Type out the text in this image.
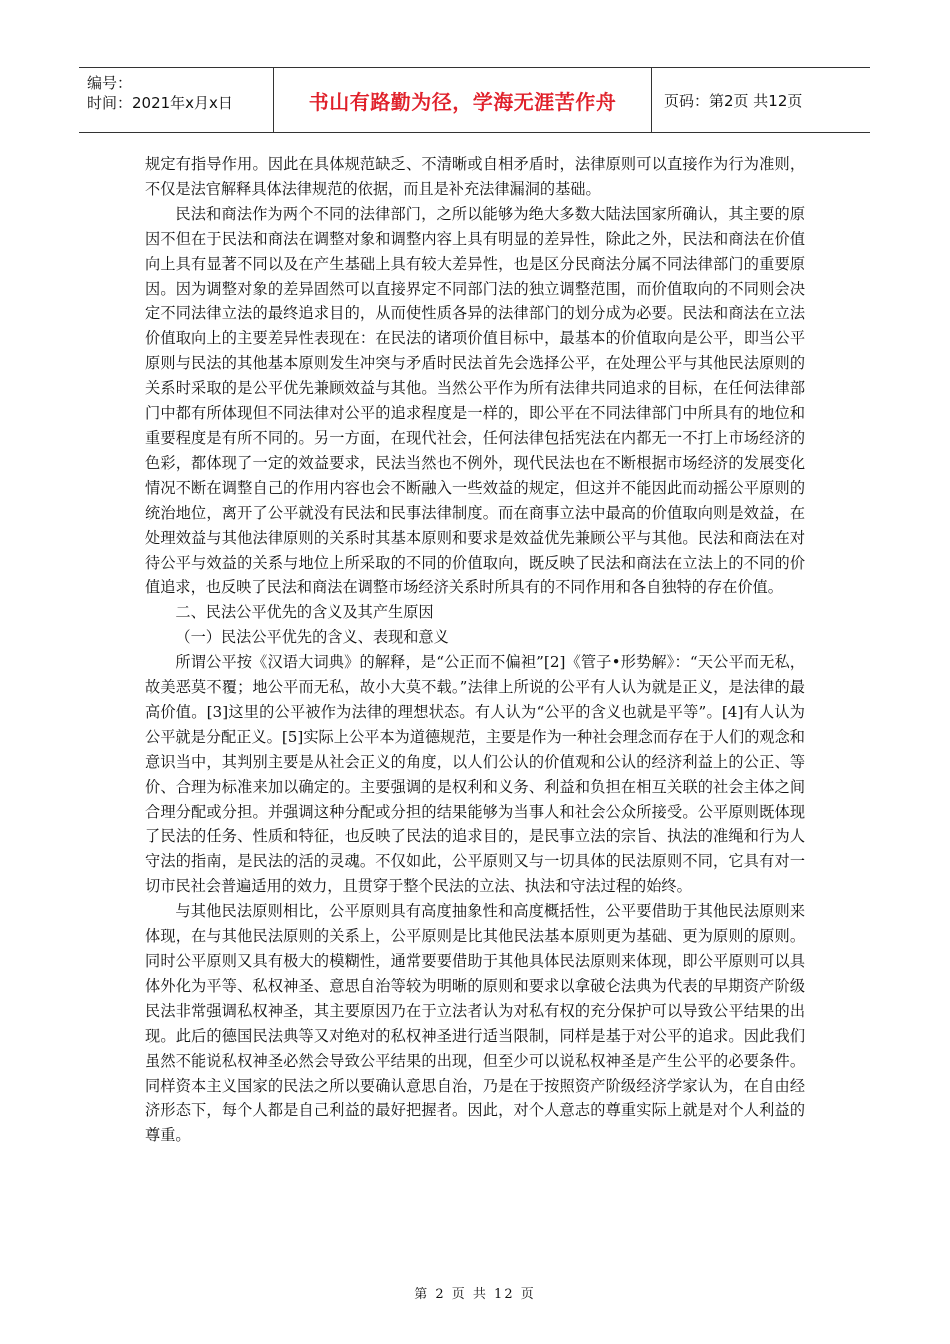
编号：
时间：2021年x月x日	书山有路勤为径，学海无涯苦作舟	页码：第2页 共12页

规定有指导作用。因此在具体规范缺乏、不清晰或自相矛盾时，法律原则可以直接作为行为准则，不仅是法官解释具体法律规范的依据，而且是补充法律漏洞的基础。

民法和商法作为两个不同的法律部门，之所以能够为绝大多数大陆法国家所确认，其主要的原因不但在于民法和商法在调整对象和调整内容上具有明显的差异性，除此之外，民法和商法在价值向上具有显著不同以及在产生基础上具有较大差异性，也是区分民商法分属不同法律部门的重要原因。因为调整对象的差异固然可以直接界定不同部门法的独立调整范围，而价值取向的不同则会决定不同法律立法的最终追求目的，从而使性质各异的法律部门的划分成为必要。民法和商法在立法价值取向上的主要差异性表现在：在民法的诸项价值目标中，最基本的价值取向是公平，即当公平原则与民法的其他基本原则发生冲突与矛盾时民法首先会选择公平，在处理公平与其他民法原则的关系时采取的是公平优先兼顾效益与其他。当然公平作为所有法律共同追求的目标，在任何法律部门中都有所体现但不同法律对公平的追求程度是一样的，即公平在不同法律部门中所具有的地位和重要程度是有所不同的。另一方面，在现代社会，任何法律包括宪法在内都无一不打上市场经济的色彩，都体现了一定的效益要求，民法当然也不例外，现代民法也在不断根据市场经济的发展变化情况不断在调整自己的作用内容也会不断融入一些效益的规定，但这并不能因此而动摇公平原则的统治地位，离开了公平就没有民法和民事法律制度。而在商事立法中最高的价值取向则是效益，在处理效益与其他法律原则的关系时其基本原则和要求是效益优先兼顾公平与其他。民法和商法在对待公平与效益的关系与地位上所采取的不同的价值取向，既反映了民法和商法在立法上的不同的价值追求，也反映了民法和商法在调整市场经济关系时所具有的不同作用和各自独特的存在价值。

二、民法公平优先的含义及其产生原因

（一）民法公平优先的含义、表现和意义

所谓公平按《汉语大词典》的解释，是“公正而不偏袒”[2]《管子•形势解》：“天公平而无私，故美恶莫不覆；地公平而无私，故小大莫不载。”法律上所说的公平有人认为就是正义，是法律的最高价值。[3]这里的公平被作为法律的理想状态。有人认为“公平的含义也就是平等”。[4]有人认为公平就是分配正义。[5]实际上公平本为道德规范，主要是作为一种社会理念而存在于人们的观念和意识当中，其判别主要是从社会正义的角度，以人们公认的价值观和公认的经济利益上的公正、等价、合理为标准来加以确定的。主要强调的是权利和义务、利益和负担在相互关联的社会主体之间合理分配或分担。并强调这种分配或分担的结果能够为当事人和社会公众所接受。公平原则既体现了民法的任务、性质和特征，也反映了民法的追求目的，是民事立法的宗旨、执法的准绳和行为人守法的指南，是民法的活的灵魂。不仅如此，公平原则又与一切具体的民法原则不同，它具有对一切市民社会普遍适用的效力，且贯穿于整个民法的立法、执法和守法过程的始终。

与其他民法原则相比，公平原则具有高度抽象性和高度概括性，公平要借助于其他民法原则来体现，在与其他民法原则的关系上，公平原则是比其他民法基本原则更为基础、更为原则的原则。同时公平原则又具有极大的模糊性，通常要要借助于其他具体民法原则来体现，即公平原则可以具体外化为平等、私权神圣、意思自治等较为明晰的原则和要求以拿破仑法典为代表的早期资产阶级民法非常强调私权神圣，其主要原因乃在于立法者认为对私有权的充分保护可以导致公平结果的出现。此后的德国民法典等又对绝对的私权神圣进行适当限制，同样是基于对公平的追求。因此我们虽然不能说私权神圣必然会导致公平结果的出现，但至少可以说私权神圣是产生公平的必要条件。同样资本主义国家的民法之所以要确认意思自治，乃是在于按照资产阶级经济学家认为，在自由经济形态下，每个人都是自己利益的最好把握者。因此，对个人意志的尊重实际上就是对个人利益的尊重。

第 2 页 共 12 页
